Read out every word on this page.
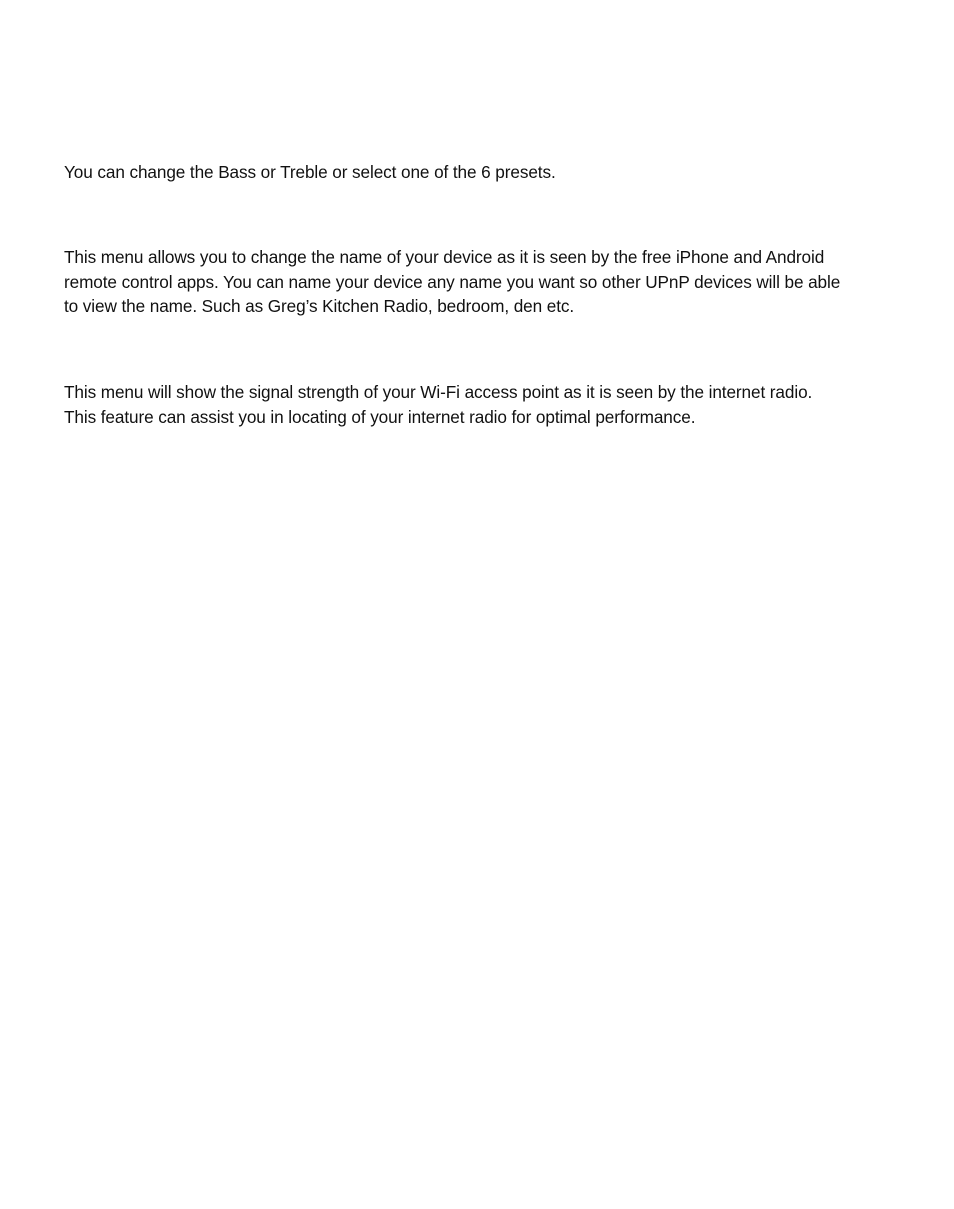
You can change the Bass or Treble or select one of the 6 presets.

This menu allows you to change the name of your device as it is seen by the free iPhone and Android
remote control apps. You can name your device any name you want so other UPnP devices will be able
to view the name. Such as Greg’s Kitchen Radio, bedroom, den etc.

This menu will show the signal strength of your Wi-Fi access point as it is seen by the internet radio.
This feature can assist you in locating of your internet radio for optimal performance.
